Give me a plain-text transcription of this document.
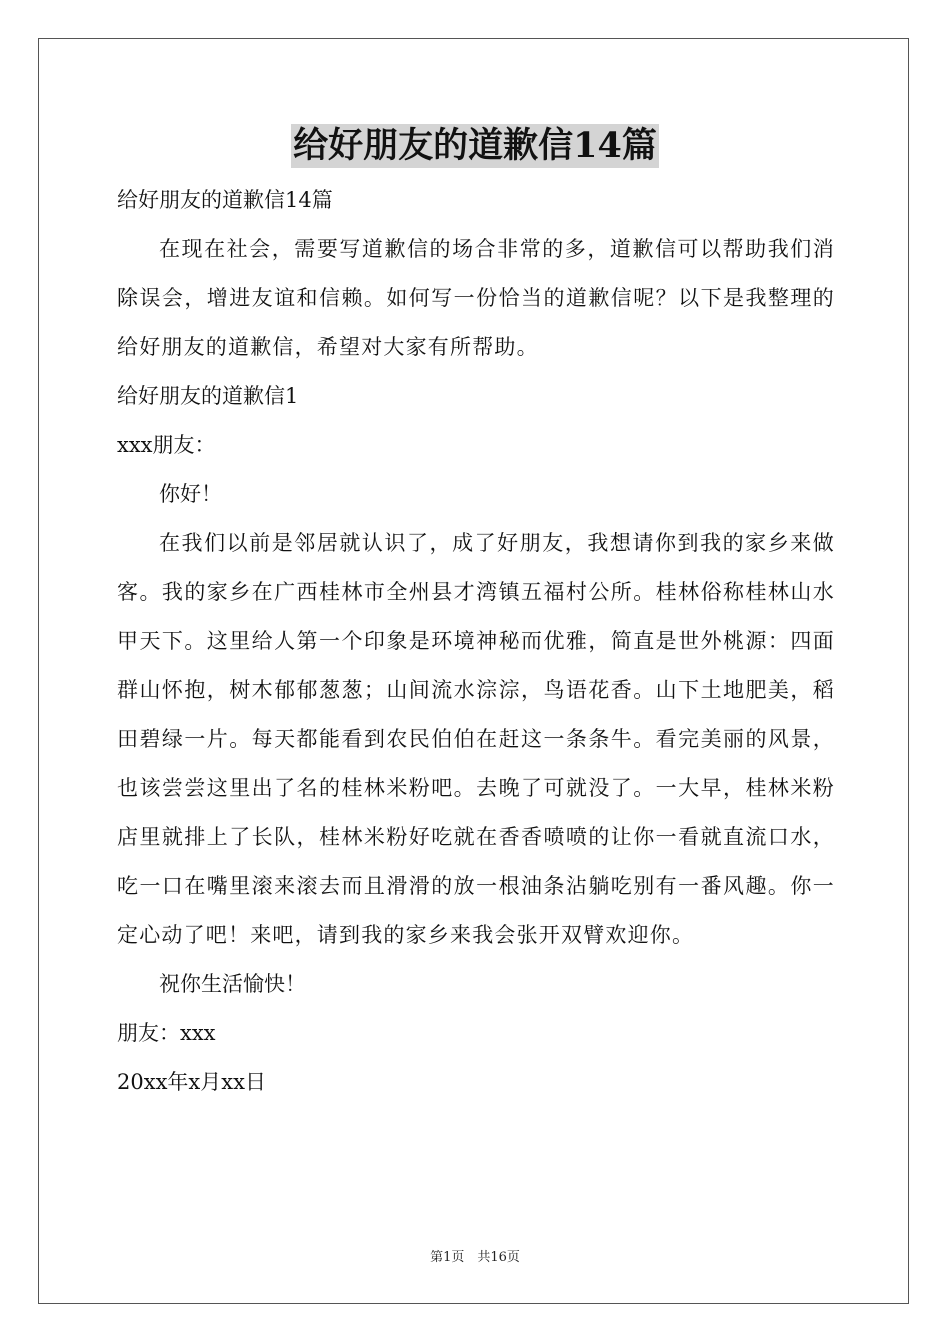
给好朋友的道歉信14篇
给好朋友的道歉信14篇

在现在社会，需要写道歉信的场合非常的多，道歉信可以帮助我们消除误会，增进友谊和信赖。如何写一份恰当的道歉信呢？以下是我整理的给好朋友的道歉信，希望对大家有所帮助。

给好朋友的道歉信1
xxx朋友：
你好！

在我们以前是邻居就认识了，成了好朋友，我想请你到我的家乡来做客。我的家乡在广西桂林市全州县才湾镇五福村公所。桂林俗称桂林山水甲天下。这里给人第一个印象是环境神秘而优雅，简直是世外桃源：四面群山怀抱，树木郁郁葱葱；山间流水淙淙，鸟语花香。山下土地肥美，稻田碧绿一片。每天都能看到农民伯伯在赶这一条条牛。看完美丽的风景，也该尝尝这里出了名的桂林米粉吧。去晚了可就没了。一大早，桂林米粉店里就排上了长队，桂林米粉好吃就在香香喷喷的让你一看就直流口水，吃一口在嘴里滚来滚去而且滑滑的放一根油条沾躺吃别有一番风趣。你一定心动了吧！来吧，请到我的家乡来我会张开双臂欢迎你。

祝你生活愉快！
朋友：xxx
20xx年x月xx日
第1页　共16页
